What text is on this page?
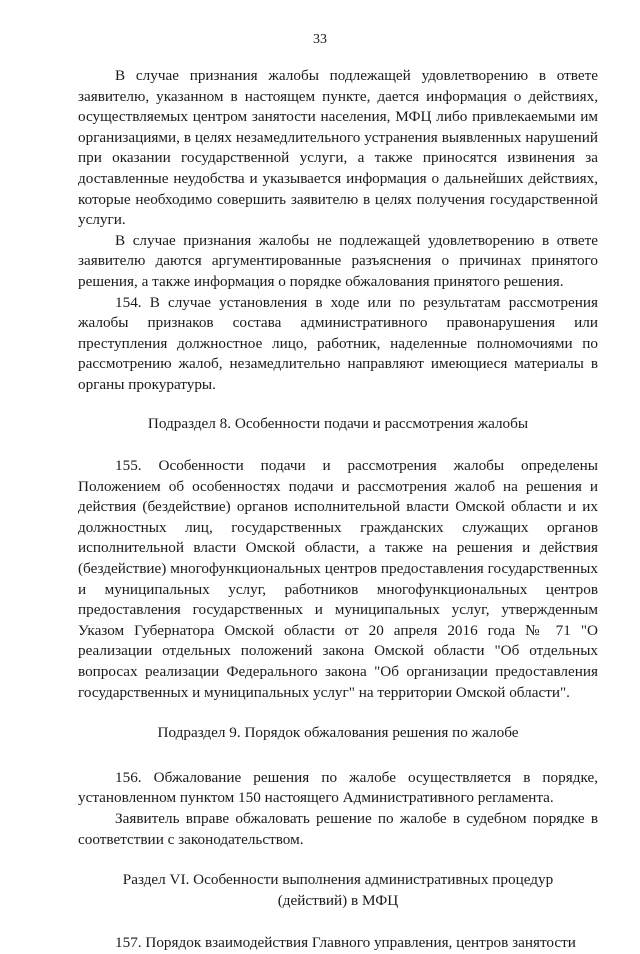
33

В случае признания жалобы подлежащей удовлетворению в ответе заявителю, указанном в настоящем пункте, дается информация о действиях, осуществляемых центром занятости населения, МФЦ либо привлекаемыми им организациями, в целях незамедлительного устранения выявленных нарушений при оказании государственной услуги, а также приносятся извинения за доставленные неудобства и указывается информация о дальнейших действиях, которые необходимо совершить заявителю в целях получения государственной услуги.

В случае признания жалобы не подлежащей удовлетворению в ответе заявителю даются аргументированные разъяснения о причинах принятого решения, а также информация о порядке обжалования принятого решения.

154. В случае установления в ходе или по результатам рассмотрения жалобы признаков состава административного правонарушения или преступления должностное лицо, работник, наделенные полномочиями по рассмотрению жалоб, незамедлительно направляют имеющиеся материалы в органы прокуратуры.

Подраздел 8. Особенности подачи и рассмотрения жалобы

155. Особенности подачи и рассмотрения жалобы определены Положением об особенностях подачи и рассмотрения жалоб на решения и действия (бездействие) органов исполнительной власти Омской области и их должностных лиц, государственных гражданских служащих органов исполнительной власти Омской области, а также на решения и действия (бездействие) многофункциональных центров предоставления государственных и муниципальных услуг, работников многофункциональных центров предоставления государственных и муниципальных услуг, утвержденным Указом Губернатора Омской области от 20 апреля 2016 года № 71 "О реализации отдельных положений закона Омской области "Об отдельных вопросах реализации Федерального закона "Об организации предоставления государственных и муниципальных услуг" на территории Омской области".

Подраздел 9. Порядок обжалования решения по жалобе

156. Обжалование решения по жалобе осуществляется в порядке, установленном пунктом 150 настоящего Административного регламента.

Заявитель вправе обжаловать решение по жалобе в судебном порядке в соответствии с законодательством.

Раздел VI. Особенности выполнения административных процедур

(действий) в МФЦ

157. Порядок взаимодействия Главного управления, центров занятости
